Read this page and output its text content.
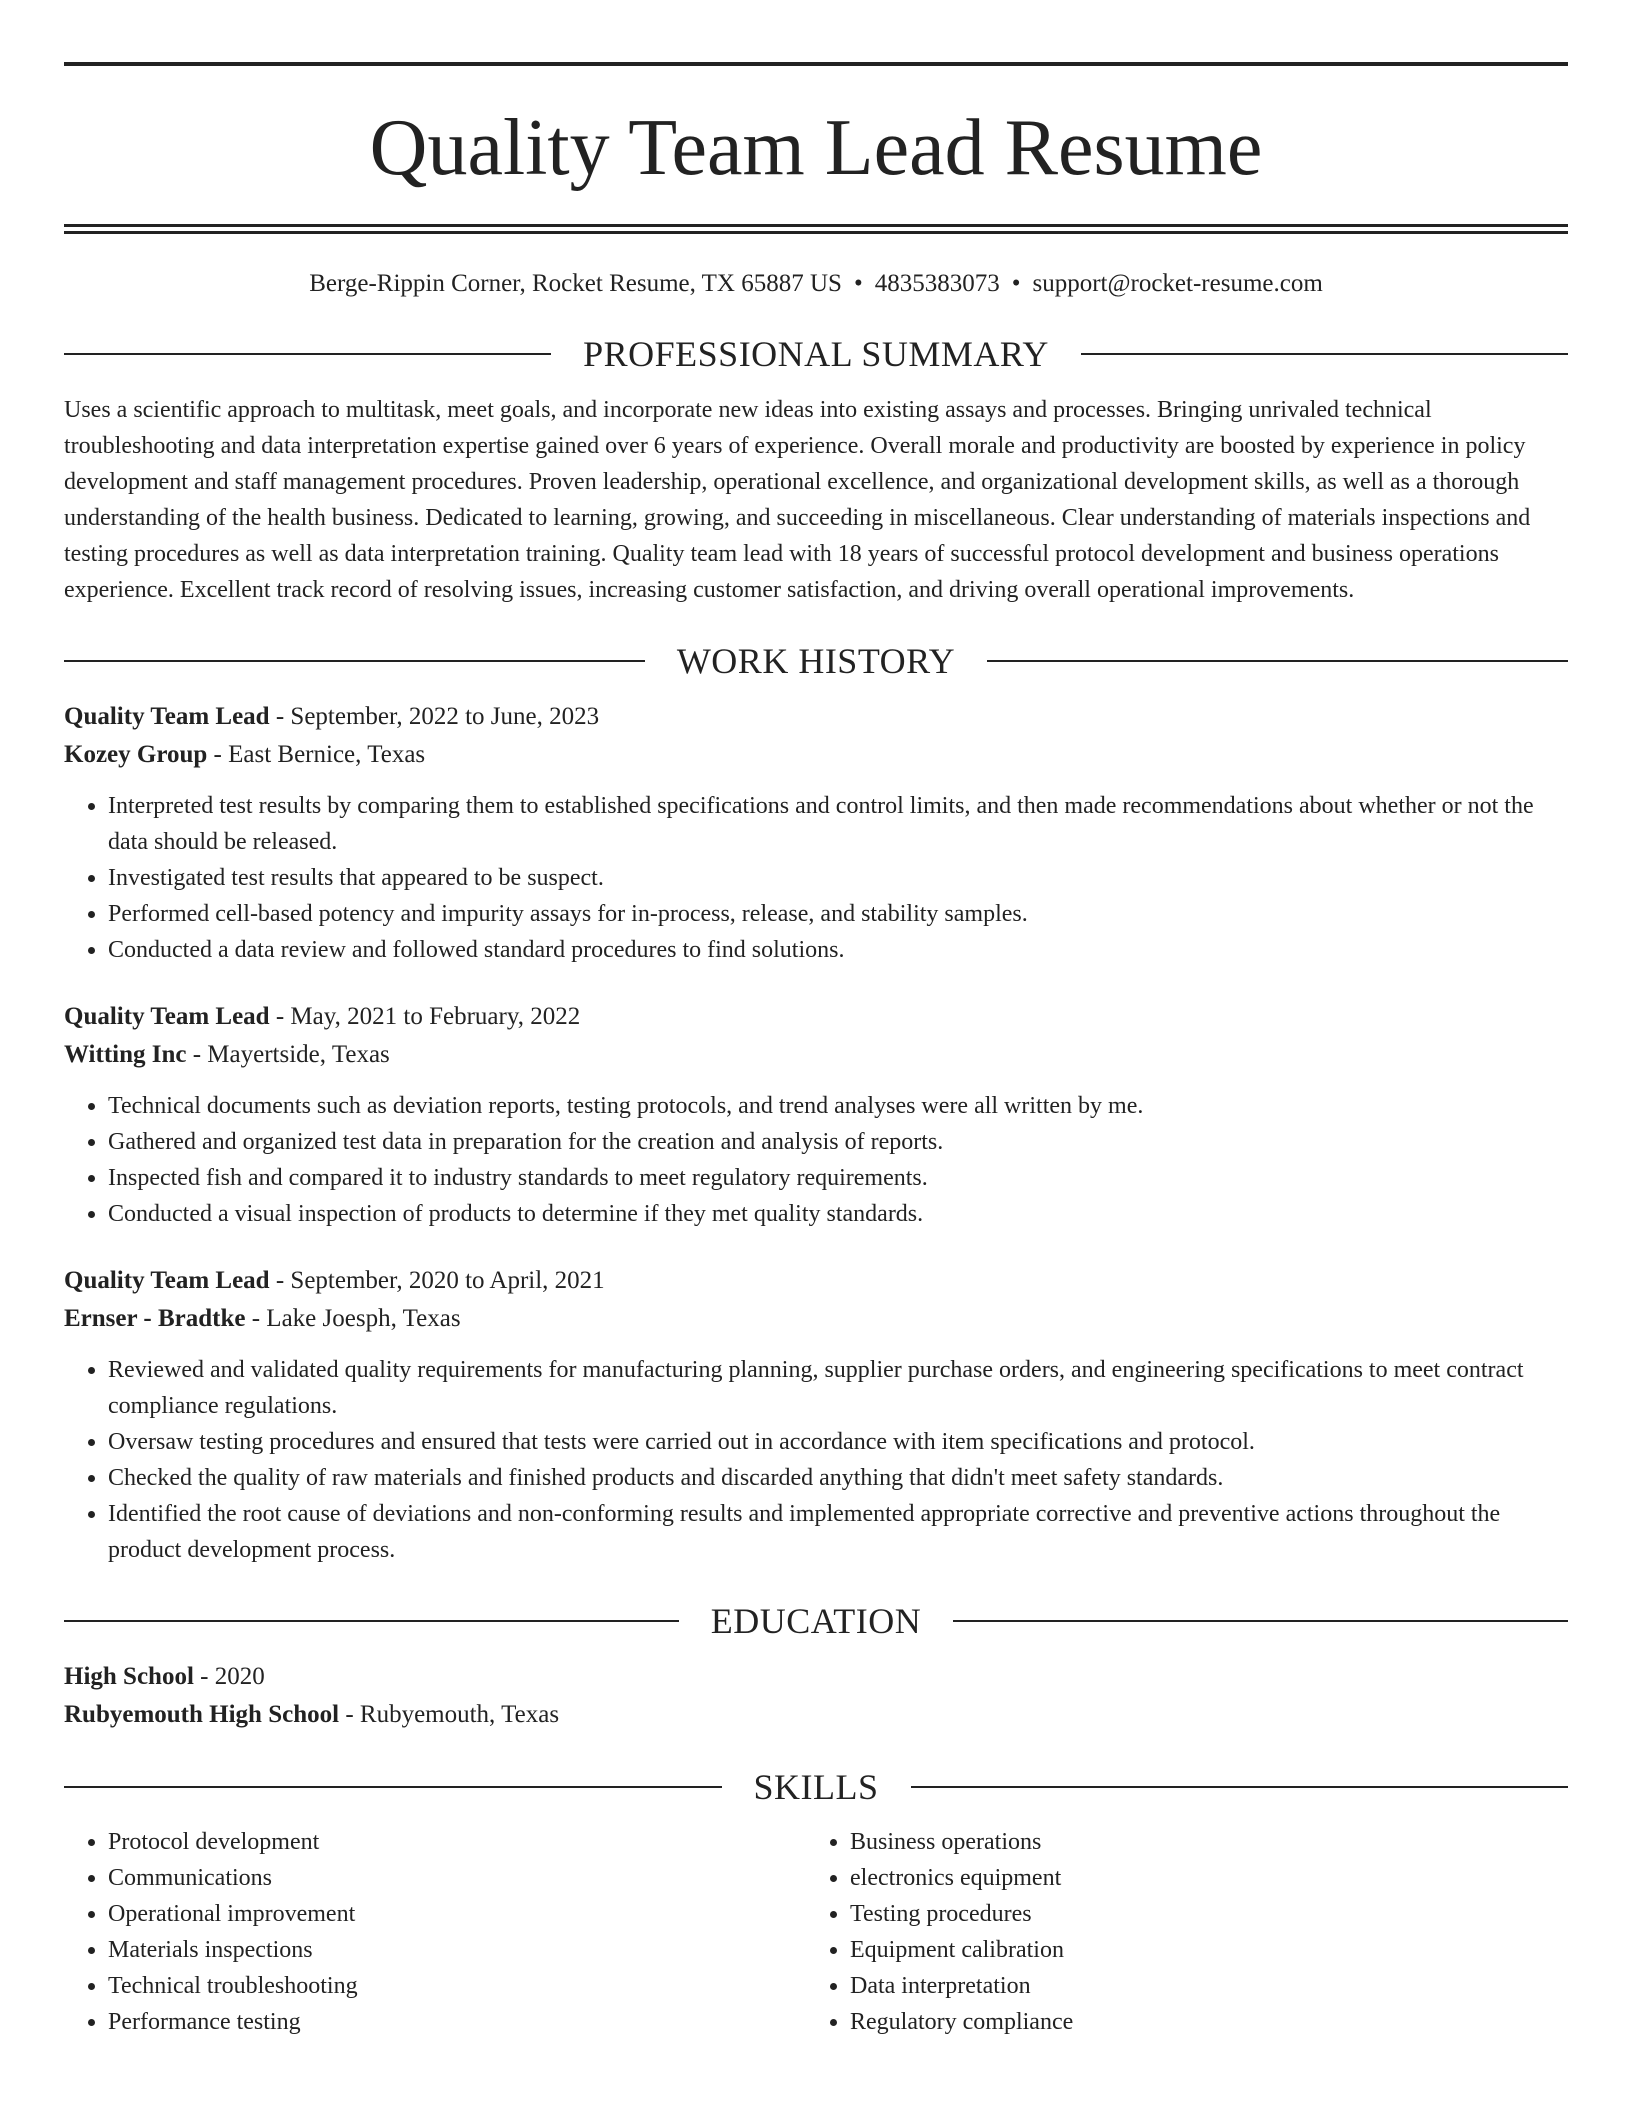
Quality Team Lead Resume
Berge-Rippin Corner, Rocket Resume, TX 65887 US • 4835383073 • support@rocket-resume.com
PROFESSIONAL SUMMARY

Uses a scientific approach to multitask, meet goals, and incorporate new ideas into existing assays and processes. Bringing unrivaled technical troubleshooting and data interpretation expertise gained over 6 years of experience. Overall morale and productivity are boosted by experience in policy development and staff management procedures. Proven leadership, operational excellence, and organizational development skills, as well as a thorough understanding of the health business. Dedicated to learning, growing, and succeeding in miscellaneous. Clear understanding of materials inspections and testing procedures as well as data interpretation training. Quality team lead with 18 years of successful protocol development and business operations experience. Excellent track record of resolving issues, increasing customer satisfaction, and driving overall operational improvements.

WORK HISTORY
Quality Team Lead - September, 2022 to June, 2023
Kozey Group - East Bernice, Texas
• Interpreted test results by comparing them to established specifications and control limits, and then made recommendations about whether or not the data should be released.
• Investigated test results that appeared to be suspect.
• Performed cell-based potency and impurity assays for in-process, release, and stability samples.
• Conducted a data review and followed standard procedures to find solutions.
Quality Team Lead - May, 2021 to February, 2022
Witting Inc - Mayertside, Texas
• Technical documents such as deviation reports, testing protocols, and trend analyses were all written by me.
• Gathered and organized test data in preparation for the creation and analysis of reports.
• Inspected fish and compared it to industry standards to meet regulatory requirements.
• Conducted a visual inspection of products to determine if they met quality standards.
Quality Team Lead - September, 2020 to April, 2021
Ernser - Bradtke - Lake Joesph, Texas
• Reviewed and validated quality requirements for manufacturing planning, supplier purchase orders, and engineering specifications to meet contract compliance regulations.
• Oversaw testing procedures and ensured that tests were carried out in accordance with item specifications and protocol.
• Checked the quality of raw materials and finished products and discarded anything that didn't meet safety standards.
• Identified the root cause of deviations and non-conforming results and implemented appropriate corrective and preventive actions throughout the product development process.
EDUCATION
High School - 2020
Rubyemouth High School - Rubyemouth, Texas
SKILLS
• Protocol development
• Communications
• Operational improvement
• Materials inspections
• Technical troubleshooting
• Performance testing
• Business operations
• electronics equipment
• Testing procedures
• Equipment calibration
• Data interpretation
• Regulatory compliance
